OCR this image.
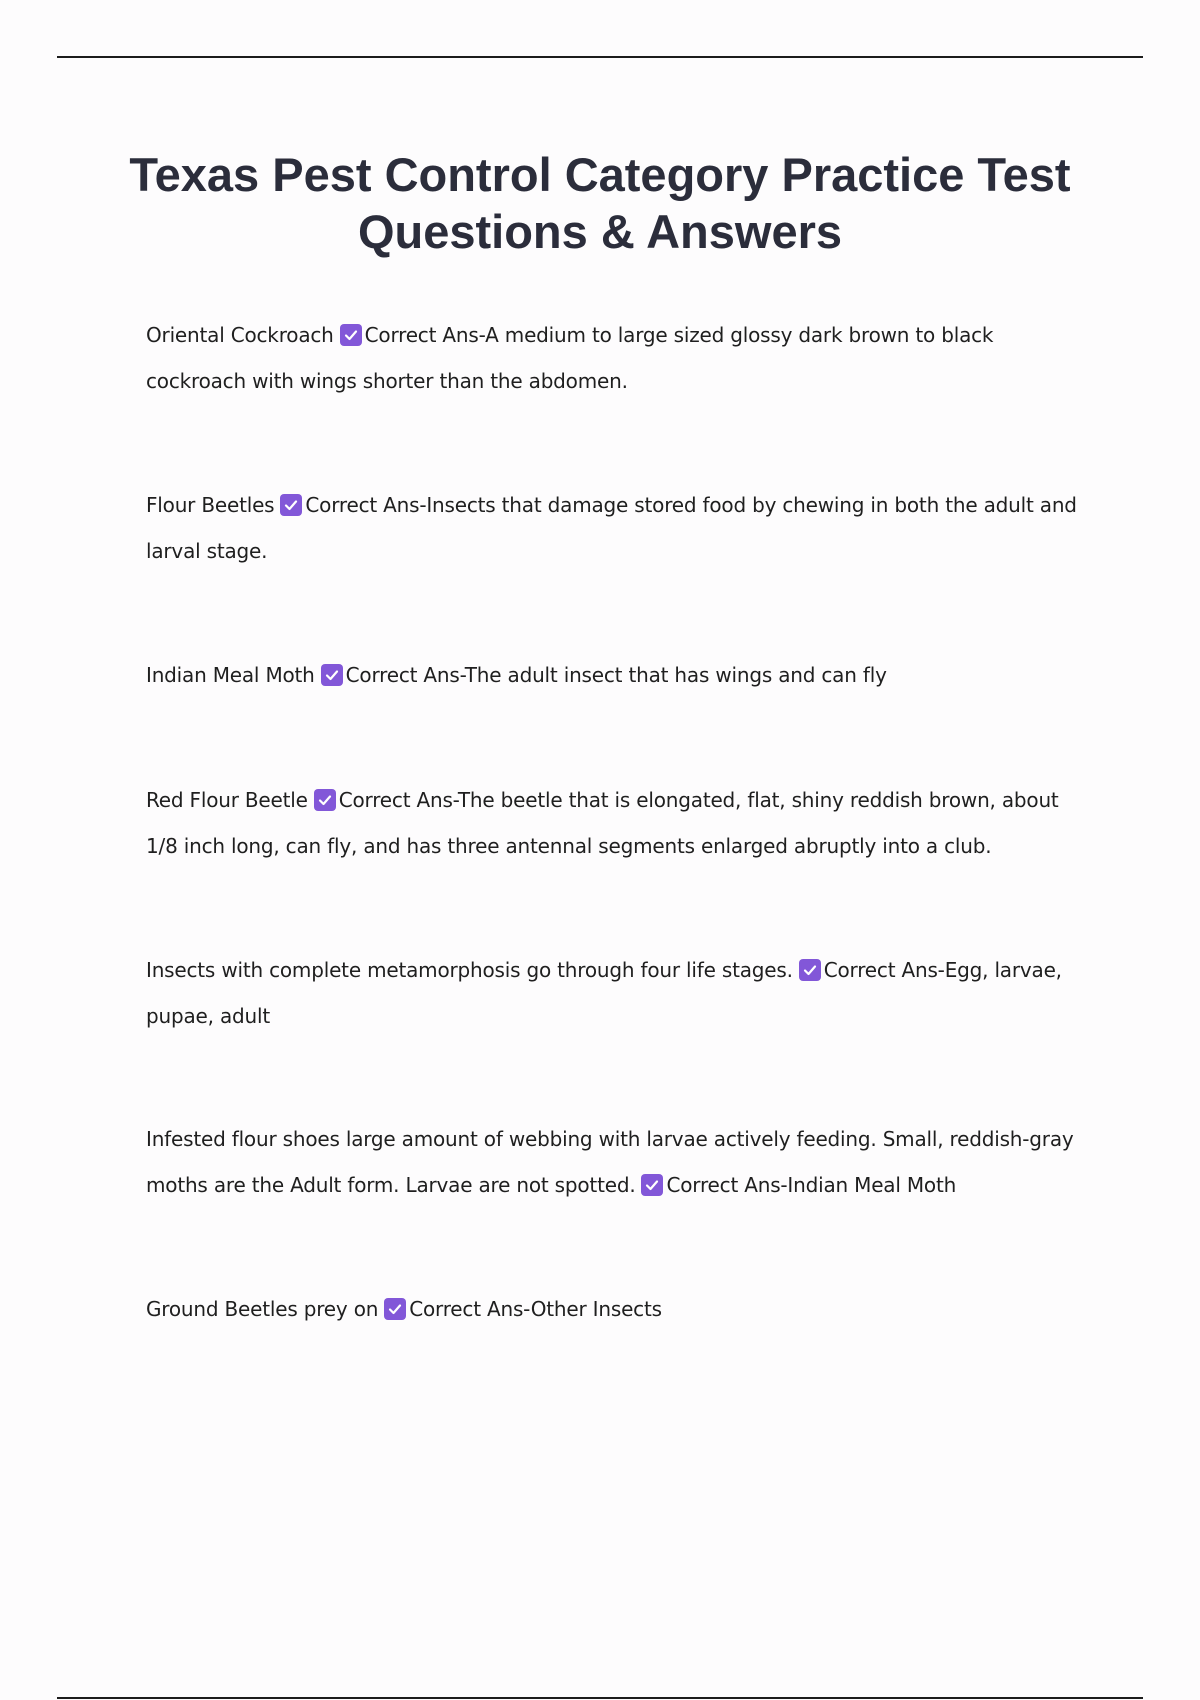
Texas Pest Control Category Practice Test Questions & Answers
Oriental Cockroach Correct Ans-A medium to large sized glossy dark brown to black cockroach with wings shorter than the abdomen.
Flour Beetles Correct Ans-Insects that damage stored food by chewing in both the adult and larval stage.
Indian Meal Moth Correct Ans-The adult insect that has wings and can fly
Red Flour Beetle Correct Ans-The beetle that is elongated, flat, shiny reddish brown, about 1/8 inch long, can fly, and has three antennal segments enlarged abruptly into a club.
Insects with complete metamorphosis go through four life stages. Correct Ans-Egg, larvae, pupae, adult
Infested flour shoes large amount of webbing with larvae actively feeding. Small, reddish-gray moths are the Adult form. Larvae are not spotted. Correct Ans-Indian Meal Moth
Ground Beetles prey on Correct Ans-Other Insects
